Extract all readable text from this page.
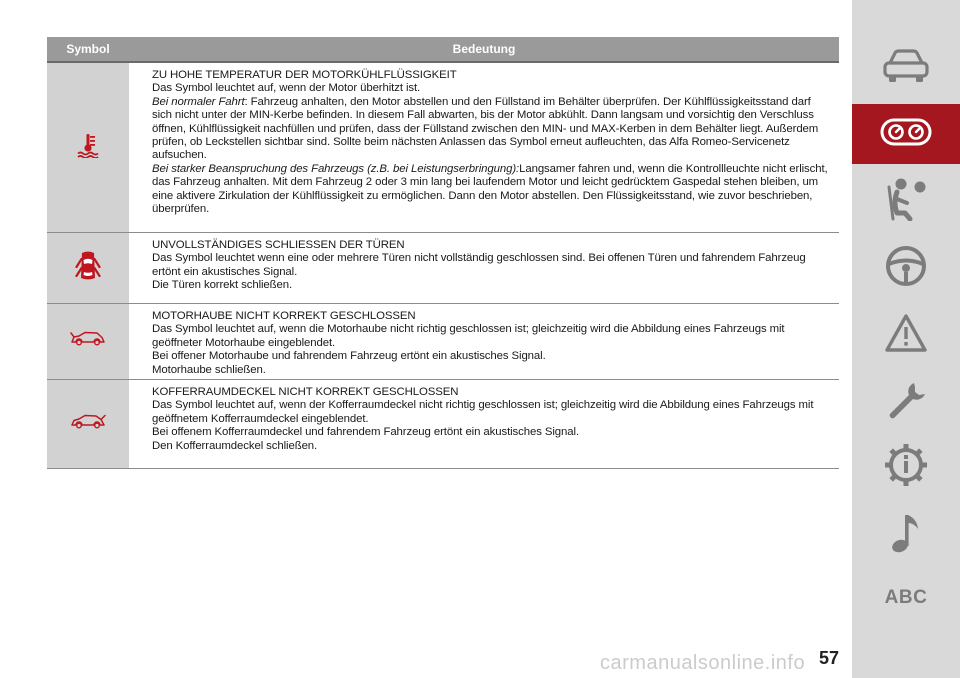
Symbol	Bedeutung

ZU HOHE TEMPERATUR DER MOTORKÜHLFLÜSSIGKEIT

Das Symbol leuchtet auf, wenn der Motor überhitzt ist.

Bei normaler Fahrt: Fahrzeug anhalten, den Motor abstellen und den Füllstand im Behälter überprüfen. Der Kühlflüssigkeitsstand darf sich nicht unter der MIN-Kerbe befinden. In diesem Fall abwarten, bis der Motor abkühlt. Dann langsam und vorsichtig den Verschluss öffnen, Kühlflüssigkeit nachfüllen und prüfen, dass der Füllstand zwischen den MIN- und MAX-Kerben in dem Behälter liegt. Außerdem prüfen, ob Leckstellen sichtbar sind. Sollte beim nächsten Anlassen das Symbol erneut aufleuchten, das Alfa Romeo-Servicenetz aufsuchen.

Bei starker Beanspruchung des Fahrzeugs (z.B. bei Leistungserbringung):Langsamer fahren und, wenn die Kontrollleuchte nicht erlischt, das Fahrzeug anhalten. Mit dem Fahrzeug 2 oder 3 min lang bei laufendem Motor und leicht gedrücktem Gaspedal stehen bleiben, um eine aktivere Zirkulation der Kühlflüssigkeit zu ermöglichen. Dann den Motor abstellen. Den Flüssigkeitsstand, wie zuvor beschrieben, überprüfen.

UNVOLLSTÄNDIGES SCHLIESSEN DER TÜREN

Das Symbol leuchtet wenn eine oder mehrere Türen nicht vollständig geschlossen sind. Bei offenen Türen und fahrendem Fahrzeug ertönt ein akustisches Signal.

Die Türen korrekt schließen.

MOTORHAUBE NICHT KORREKT GESCHLOSSEN

Das Symbol leuchtet auf, wenn die Motorhaube nicht richtig geschlossen ist; gleichzeitig wird die Abbildung eines Fahrzeugs mit geöffneter Motorhaube eingeblendet.

Bei offener Motorhaube und fahrendem Fahrzeug ertönt ein akustisches Signal.

Motorhaube schließen.

KOFFERRAUMDECKEL NICHT KORREKT GESCHLOSSEN

Das Symbol leuchtet auf, wenn der Kofferraumdeckel nicht richtig geschlossen ist; gleichzeitig wird die Abbildung eines Fahrzeugs mit geöffnetem Kofferraumdeckel eingeblendet.

Bei offenem Kofferraumdeckel und fahrendem Fahrzeug ertönt ein akustisches Signal.

Den Kofferraumdeckel schließen.

ABC
57
carmanualsonline.info
